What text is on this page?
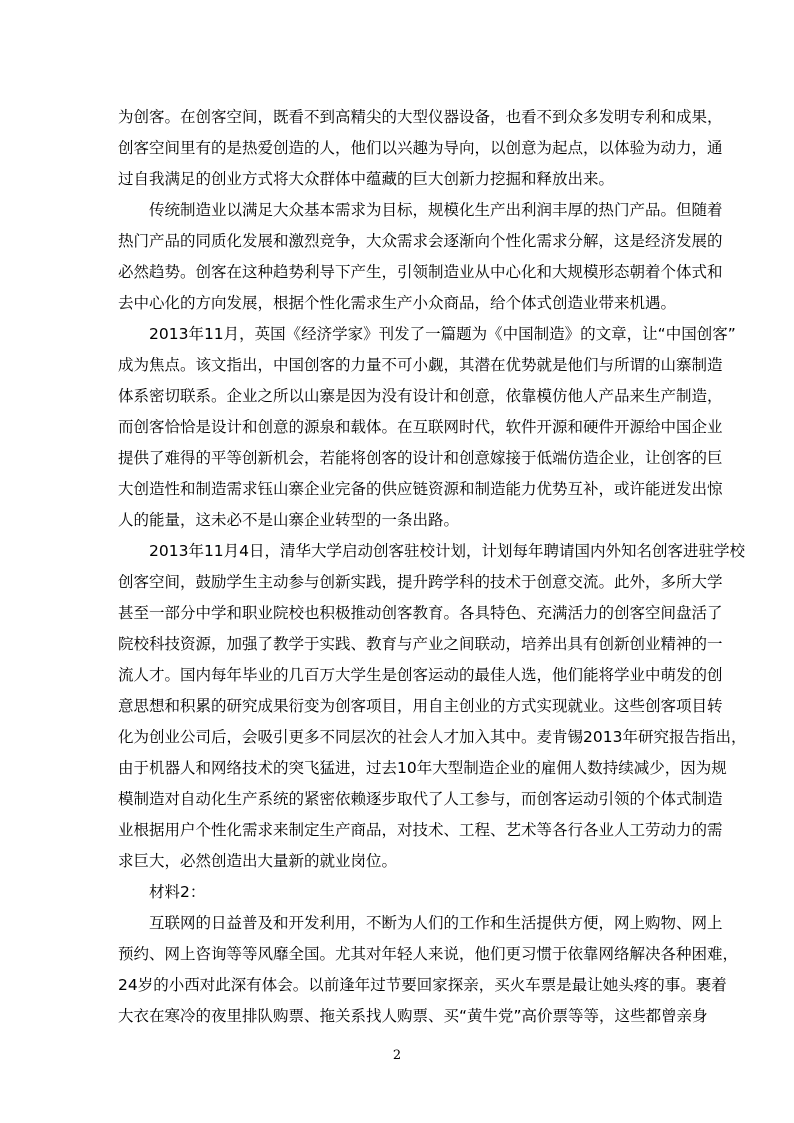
为创客。在创客空间，既看不到高精尖的大型仪器设备，也看不到众多发明专利和成果，
创客空间里有的是热爱创造的人，他们以兴趣为导向，以创意为起点，以体验为动力，通
过自我满足的创业方式将大众群体中蕴藏的巨大创新力挖掘和释放出来。
传统制造业以满足大众基本需求为目标，规模化生产出利润丰厚的热门产品。但随着
热门产品的同质化发展和激烈竞争，大众需求会逐渐向个性化需求分解，这是经济发展的
必然趋势。创客在这种趋势利导下产生，引领制造业从中心化和大规模形态朝着个体式和
去中心化的方向发展，根据个性化需求生产小众商品，给个体式创造业带来机遇。
2013年11月，英国《经济学家》刊发了一篇题为《中国制造》的文章，让“中国创客”
成为焦点。该文指出，中国创客的力量不可小觑，其潜在优势就是他们与所谓的山寨制造
体系密切联系。企业之所以山寨是因为没有设计和创意，依靠模仿他人产品来生产制造，
而创客恰恰是设计和创意的源泉和载体。在互联网时代，软件开源和硬件开源给中国企业
提供了难得的平等创新机会，若能将创客的设计和创意嫁接于低端仿造企业，让创客的巨
大创造性和制造需求钰山寨企业完备的供应链资源和制造能力优势互补，或许能迸发出惊
人的能量，这未必不是山寨企业转型的一条出路。
2013年11月4日，清华大学启动创客驻校计划，计划每年聘请国内外知名创客进驻学校
创客空间，鼓励学生主动参与创新实践，提升跨学科的技术于创意交流。此外，多所大学
甚至一部分中学和职业院校也积极推动创客教育。各具特色、充满活力的创客空间盘活了
院校科技资源，加强了教学于实践、教育与产业之间联动，培养出具有创新创业精神的一
流人才。国内每年毕业的几百万大学生是创客运动的最佳人选，他们能将学业中萌发的创
意思想和积累的研究成果衍变为创客项目，用自主创业的方式实现就业。这些创客项目转
化为创业公司后，会吸引更多不同层次的社会人才加入其中。麦肯锡2013年研究报告指出，
由于机器人和网络技术的突飞猛进，过去10年大型制造企业的雇佣人数持续减少，因为规
模制造对自动化生产系统的紧密依赖逐步取代了人工参与，而创客运动引领的个体式制造
业根据用户个性化需求来制定生产商品，对技术、工程、艺术等各行各业人工劳动力的需
求巨大，必然创造出大量新的就业岗位。
材料2：
互联网的日益普及和开发利用，不断为人们的工作和生活提供方便，网上购物、网上
预约、网上咨询等等风靡全国。尤其对年轻人来说，他们更习惯于依靠网络解决各种困难，
24岁的小西对此深有体会。以前逢年过节要回家探亲，买火车票是最让她头疼的事。裹着
大衣在寒冷的夜里排队购票、拖关系找人购票、买“黄牛党”高价票等等，这些都曾亲身
2
